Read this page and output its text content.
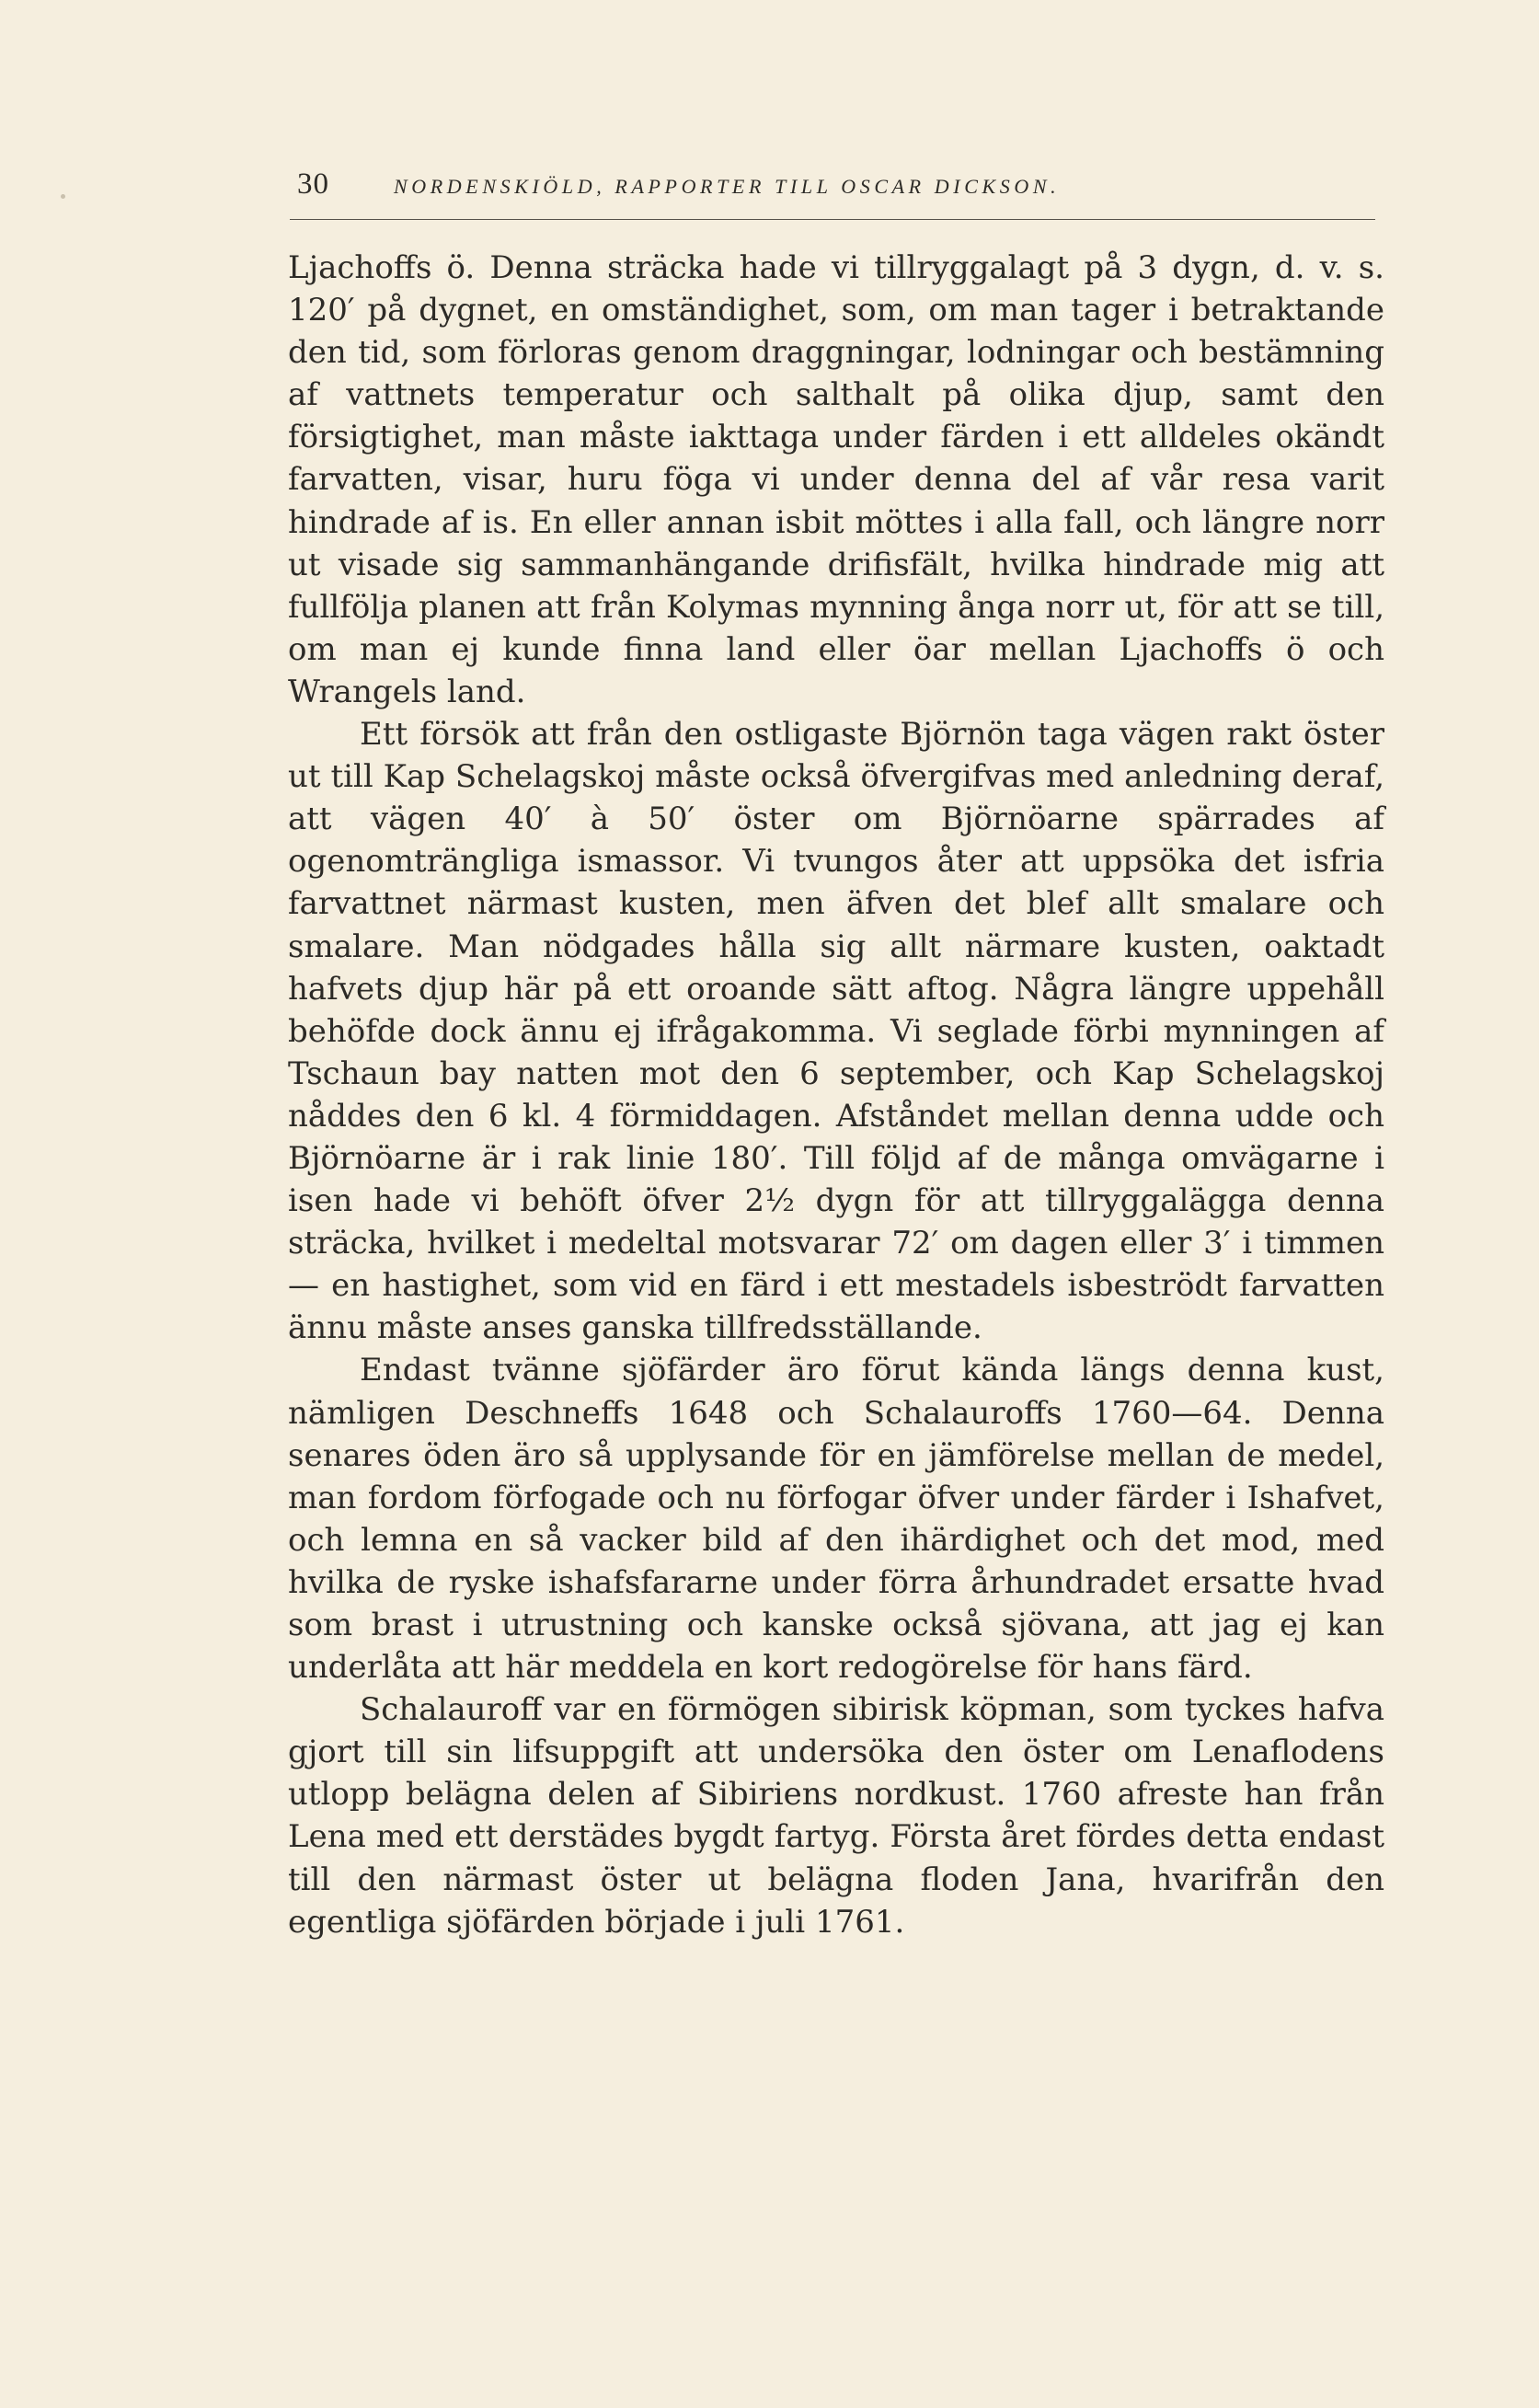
30	NORDENSKIÖLD, RAPPORTER TILL OSCAR DICKSON.

Ljachoffs ö. Denna sträcka hade vi tillryggalagt på 3 dygn, d. v. s. 120′ på dygnet, en omständighet, som, om man tager i betraktande den tid, som förloras genom draggningar, lodningar och bestämning af vattnets temperatur och salthalt på olika djup, samt den försigtighet, man måste iakttaga under färden i ett alldeles okändt farvatten, visar, huru föga vi under denna del af vår resa varit hindrade af is. En eller annan isbit möttes i alla fall, och längre norr ut visade sig sammanhängande drifisfält, hvilka hindrade mig att fullfölja planen att från Kolymas mynning ånga norr ut, för att se till, om man ej kunde finna land eller öar mellan Ljachoffs ö och Wrangels land.

Ett försök att från den ostligaste Björnön taga vägen rakt öster ut till Kap Schelagskoj måste också öfvergifvas med anledning deraf, att vägen 40′ à 50′ öster om Björnöarne spärrades af ogenomträngliga ismassor. Vi tvungos åter att uppsöka det isfria farvattnet närmast kusten, men äfven det blef allt smalare och smalare. Man nödgades hålla sig allt närmare kusten, oaktadt hafvets djup här på ett oroande sätt aftog. Några längre uppehåll behöfde dock ännu ej ifrågakomma. Vi seglade förbi mynningen af Tschaun bay natten mot den 6 september, och Kap Schelagskoj nåddes den 6 kl. 4 förmiddagen. Afståndet mellan denna udde och Björnöarne är i rak linie 180′. Till följd af de många omvägarne i isen hade vi behöft öfver 2½ dygn för att tillryggalägga denna sträcka, hvilket i medeltal motsvarar 72′ om dagen eller 3′ i timmen — en hastighet, som vid en färd i ett mestadels isbeströdt farvatten ännu måste anses ganska tillfredsställande.

Endast tvänne sjöfärder äro förut kända längs denna kust, nämligen Deschneffs 1648 och Schalauroffs 1760—64. Denna senares öden äro så upplysande för en jämförelse mellan de medel, man fordom förfogade och nu förfogar öfver under färder i Ishafvet, och lemna en så vacker bild af den ihärdighet och det mod, med hvilka de ryske ishafsfararne under förra århundradet ersatte hvad som brast i utrustning och kanske också sjövana, att jag ej kan underlåta att här meddela en kort redogörelse för hans färd.

Schalauroff var en förmögen sibirisk köpman, som tyckes hafva gjort till sin lifsuppgift att undersöka den öster om Lenaflodens utlopp belägna delen af Sibiriens nordkust. 1760 afreste han från Lena med ett derstädes bygdt fartyg. Första året fördes detta endast till den närmast öster ut belägna floden Jana, hvarifrån den egentliga sjöfärden började i juli 1761.
